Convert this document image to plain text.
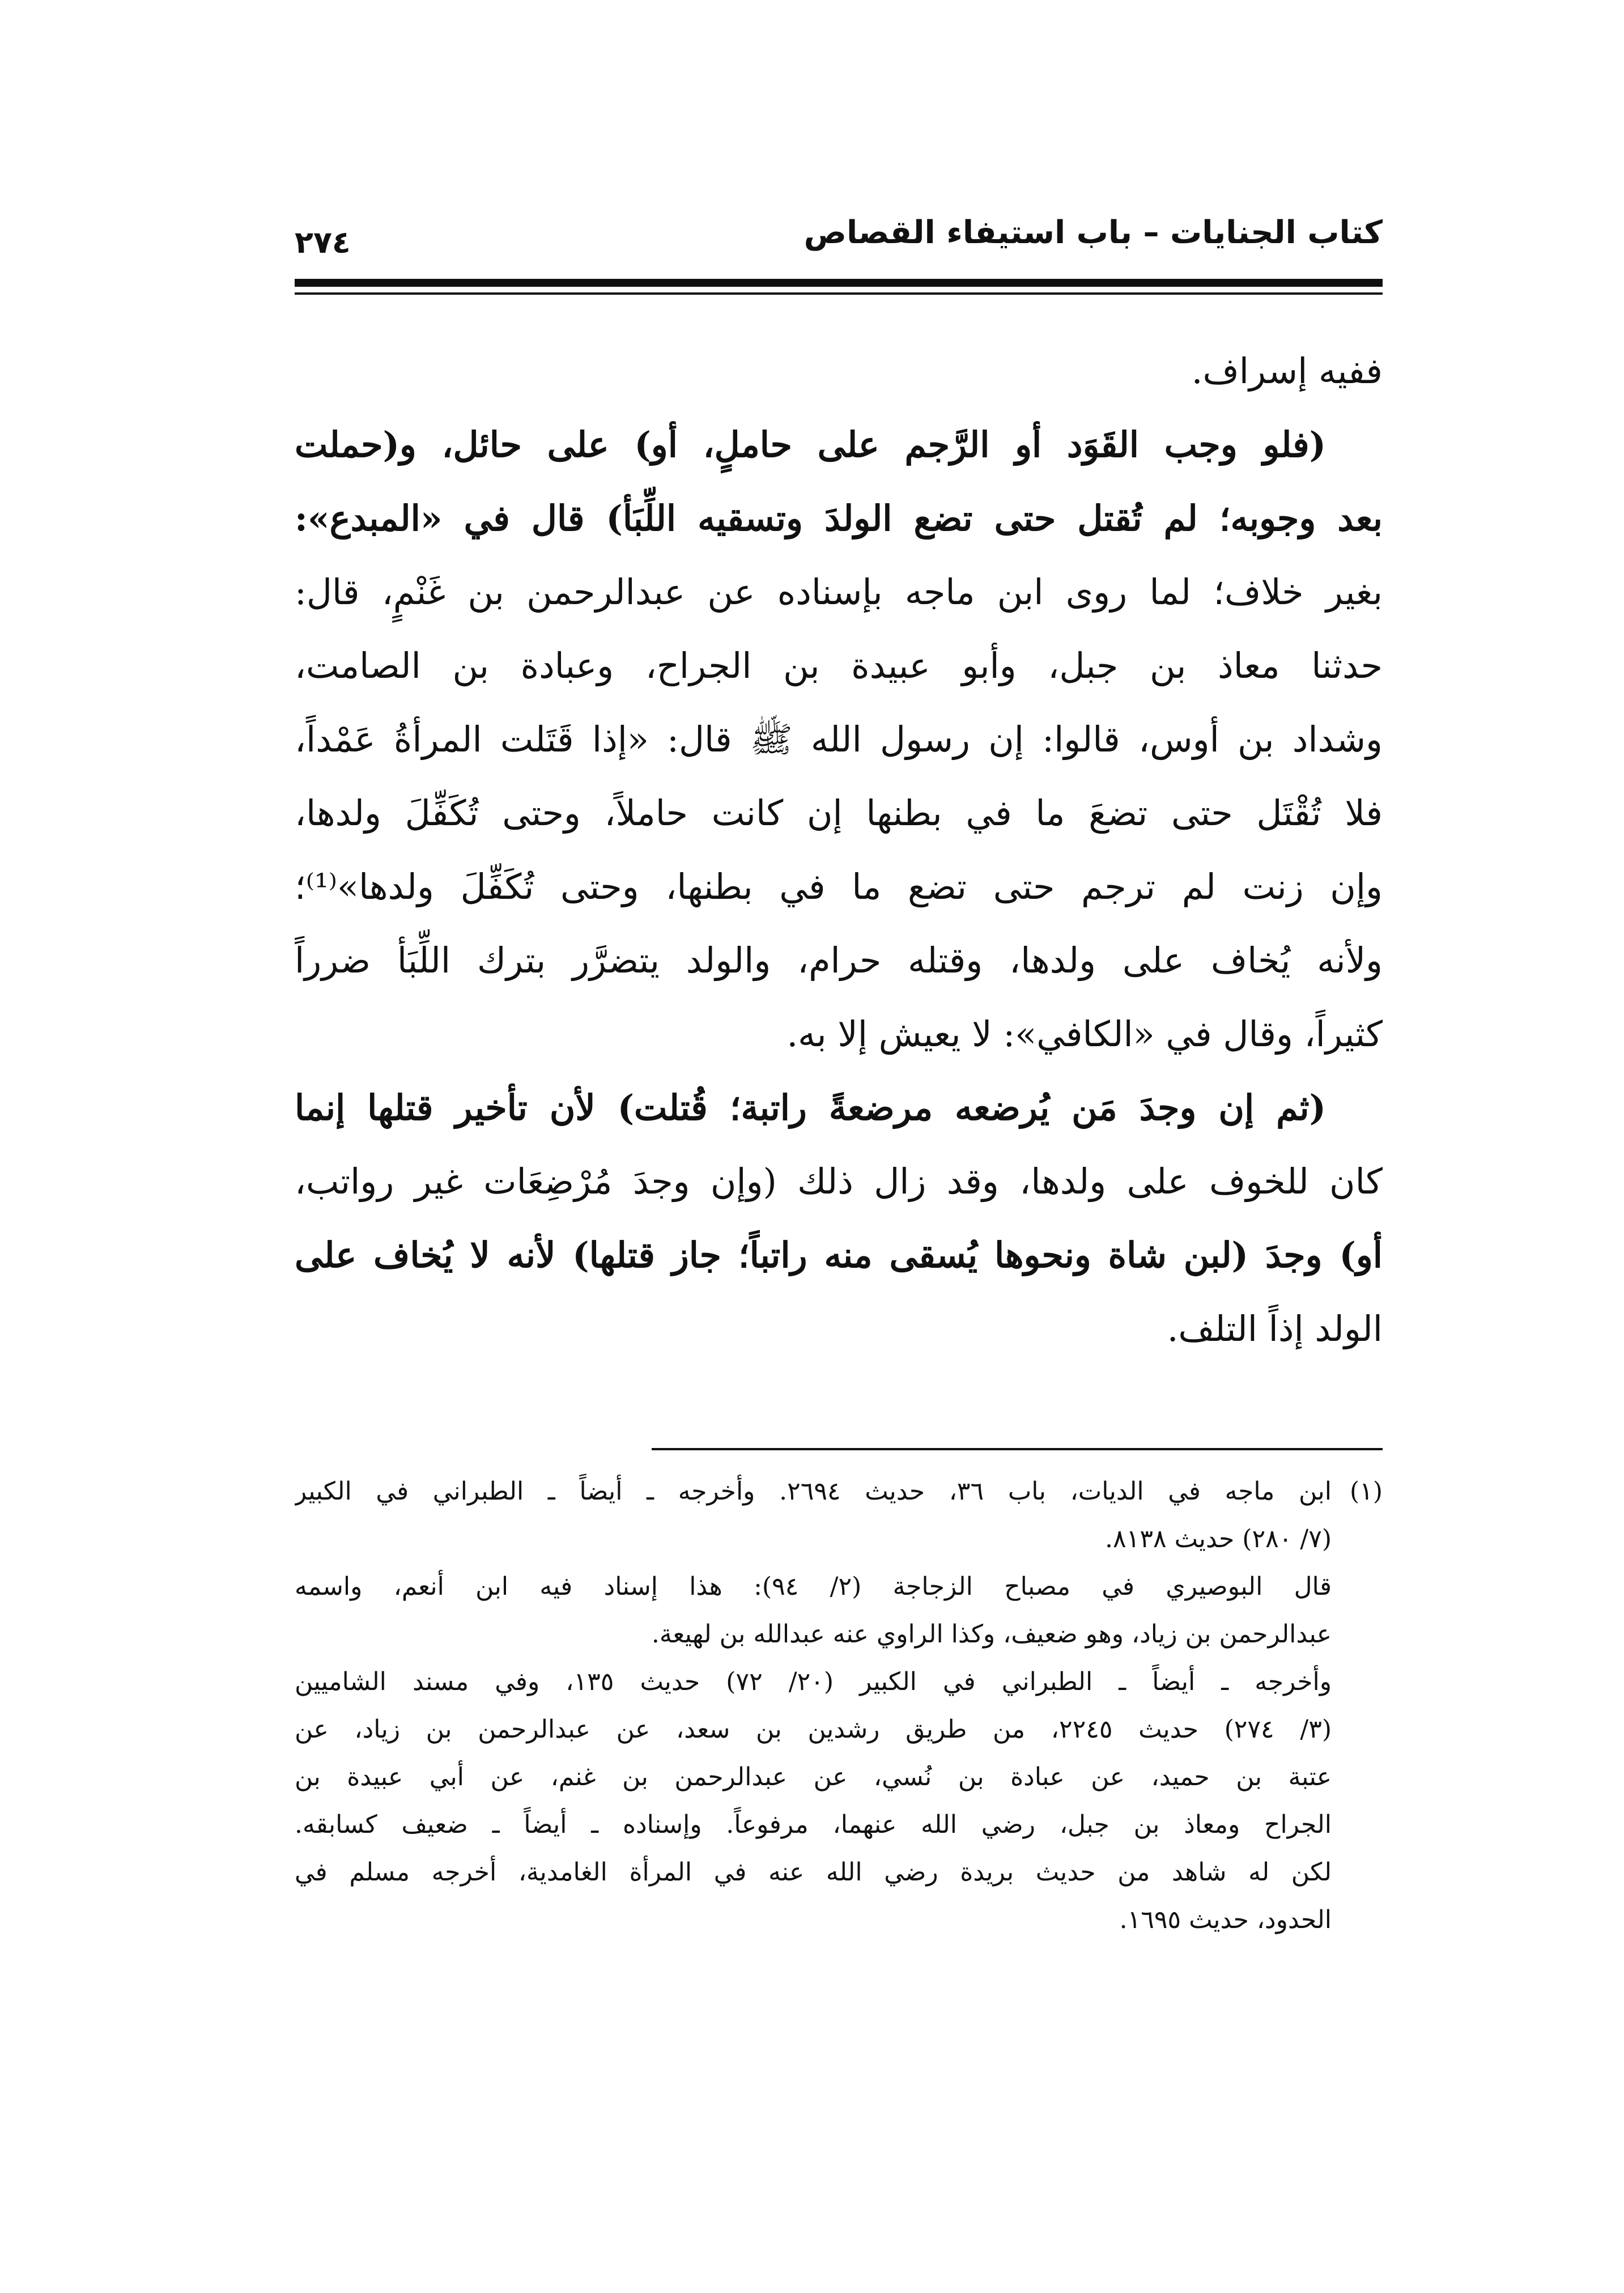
كتاب الجنايات – باب استيفاء القصاص
٢٧٤
ففيه إسراف.
(فلو وجب القَوَد أو الرَّجم على حاملٍ، أو) على حائل، و(حملت
بعد وجوبه؛ لم تُقتل حتى تضع الولدَ وتسقيه اللِّبَأ) قال في «المبدع»:
بغير خلاف؛ لما روى ابن ماجه بإسناده عن عبدالرحمن بن غَنْمٍ، قال:
حدثنا معاذ بن جبل، وأبو عبيدة بن الجراح، وعبادة بن الصامت،
وشداد بن أوس، قالوا: إن رسول الله ﷺ قال: «إذا قَتَلت المرأةُ عَمْداً،
فلا تُقْتَل حتى تضعَ ما في بطنها إن كانت حاملاً، وحتى تُكَفِّلَ ولدها،
وإن زنت لم ترجم حتى تضع ما في بطنها، وحتى تُكَفِّلَ ولدها»⁽¹⁾؛
ولأنه يُخاف على ولدها، وقتله حرام، والولد يتضرَّر بترك اللِّبَأ ضرراً
كثيراً، وقال في «الكافي»: لا يعيش إلا به.
(ثم إن وجدَ مَن يُرضعه مرضعةً راتبة؛ قُتلت) لأن تأخير قتلها إنما
كان للخوف على ولدها، وقد زال ذلك (وإن وجدَ مُرْضِعَات غير رواتب،
أو) وجدَ (لبن شاة ونحوها يُسقى منه راتباً؛ جاز قتلها) لأنه لا يُخاف على
الولد إذاً التلف.
(١)
ابن ماجه في الديات، باب ٣٦، حديث ٢٦٩٤. وأخرجه ـ أيضاً ـ الطبراني في الكبير
(٧/ ٢٨٠) حديث ٨١٣٨.
قال البوصيري في مصباح الزجاجة (٢/ ٩٤): هذا إسناد فيه ابن أنعم، واسمه
عبدالرحمن بن زياد، وهو ضعيف، وكذا الراوي عنه عبدالله بن لهيعة.
وأخرجه ـ أيضاً ـ الطبراني في الكبير (٢٠/ ٧٢) حديث ١٣٥، وفي مسند الشاميين
(٣/ ٢٧٤) حديث ٢٢٤٥، من طريق رشدين بن سعد، عن عبدالرحمن بن زياد، عن
عتبة بن حميد، عن عبادة بن نُسي، عن عبدالرحمن بن غنم، عن أبي عبيدة بن
الجراح ومعاذ بن جبل، رضي الله عنهما، مرفوعاً. وإسناده ـ أيضاً ـ ضعيف كسابقه.
لكن له شاهد من حديث بريدة رضي الله عنه في المرأة الغامدية، أخرجه مسلم في
الحدود، حديث ١٦٩٥.
